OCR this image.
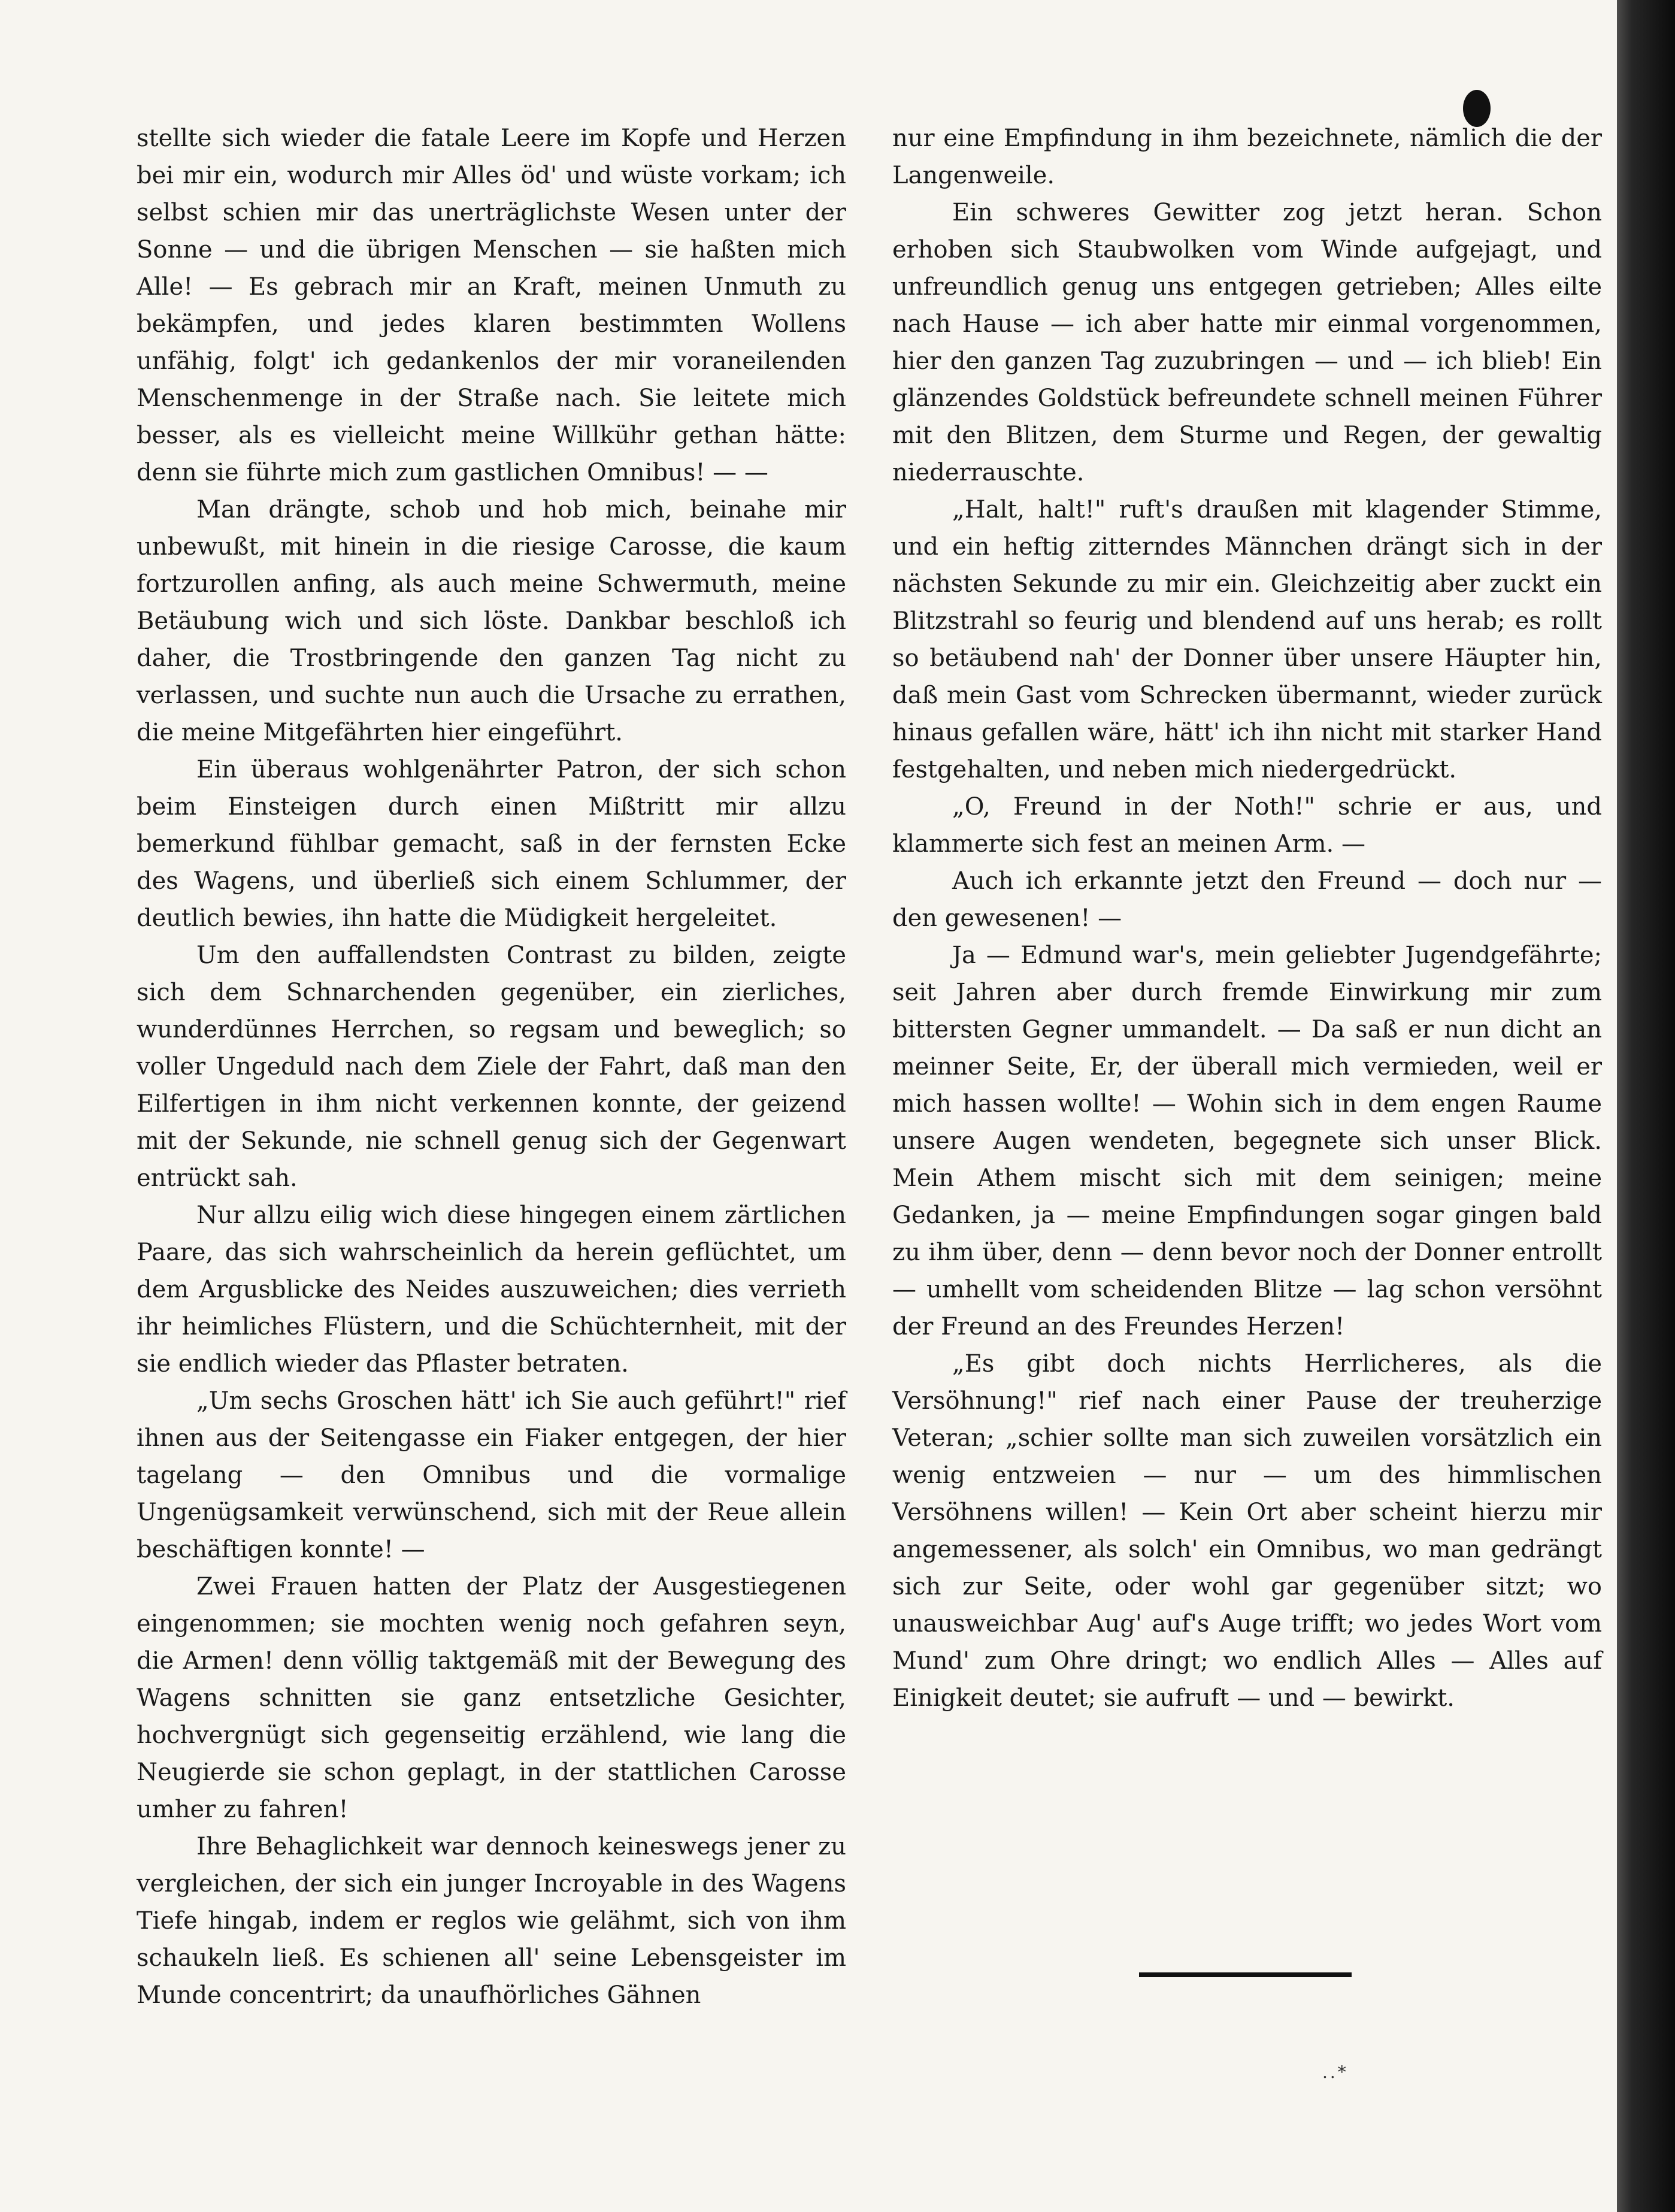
stellte sich wieder die fatale Leere im Kopfe und Herzen bei mir ein, wodurch mir Alles öd' und wüste vorkam; ich selbst schien mir das unerträglichste Wesen unter der Sonne — und die übrigen Menschen — sie haßten mich Alle! — Es gebrach mir an Kraft, meinen Unmuth zu bekämpfen, und jedes klaren bestimmten Wollens unfähig, folgt' ich gedankenlos der mir voraneilenden Menschenmenge in der Straße nach. Sie leitete mich besser, als es vielleicht meine Willkühr gethan hätte: denn sie führte mich zum gastlichen Omnibus! — —

Man drängte, schob und hob mich, beinahe mir unbewußt, mit hinein in die riesige Carosse, die kaum fortzurollen anfing, als auch meine Schwermuth, meine Betäubung wich und sich löste. Dankbar beschloß ich daher, die Trostbringende den ganzen Tag nicht zu verlassen, und suchte nun auch die Ursache zu errathen, die meine Mitgefährten hier eingeführt.

Ein überaus wohlgenährter Patron, der sich schon beim Einsteigen durch einen Mißtritt mir allzu bemerkund fühlbar gemacht, saß in der fernsten Ecke des Wagens, und überließ sich einem Schlummer, der deutlich bewies, ihn hatte die Müdigkeit hergeleitet.

Um den auffallendsten Contrast zu bilden, zeigte sich dem Schnarchenden gegenüber, ein zierliches, wunderdünnes Herrchen, so regsam und beweglich; so voller Ungeduld nach dem Ziele der Fahrt, daß man den Eilfertigen in ihm nicht verkennen konnte, der geizend mit der Sekunde, nie schnell genug sich der Gegenwart entrückt sah.

Nur allzu eilig wich diese hingegen einem zärtlichen Paare, das sich wahrscheinlich da herein geflüchtet, um dem Argusblicke des Neides auszuweichen; dies verrieth ihr heimliches Flüstern, und die Schüchternheit, mit der sie endlich wieder das Pflaster betraten.

„Um sechs Groschen hätt' ich Sie auch geführt!" rief ihnen aus der Seitengasse ein Fiaker entgegen, der hier tagelang — den Omnibus und die vormalige Ungenügsamkeit verwünschend, sich mit der Reue allein beschäftigen konnte! —

Zwei Frauen hatten der Platz der Ausgestiegenen eingenommen; sie mochten wenig noch gefahren seyn, die Armen! denn völlig taktgemäß mit der Bewegung des Wagens schnitten sie ganz entsetzliche Gesichter, hochvergnügt sich gegenseitig erzählend, wie lang die Neugierde sie schon geplagt, in der stattlichen Carosse umher zu fahren!

Ihre Behaglichkeit war dennoch keineswegs jener zu vergleichen, der sich ein junger Incroyable in des Wagens Tiefe hingab, indem er reglos wie gelähmt, sich von ihm schaukeln ließ. Es schienen all' seine Lebensgeister im Munde concentrirt; da unaufhörliches Gähnen

nur eine Empfindung in ihm bezeichnete, nämlich die der Langenweile.

Ein schweres Gewitter zog jetzt heran. Schon erhoben sich Staubwolken vom Winde aufgejagt, und unfreundlich genug uns entgegen getrieben; Alles eilte nach Hause — ich aber hatte mir einmal vorgenommen, hier den ganzen Tag zuzubringen — und — ich blieb! Ein glänzendes Goldstück befreundete schnell meinen Führer mit den Blitzen, dem Sturme und Regen, der gewaltig niederrauschte.

„Halt, halt!" ruft's draußen mit klagender Stimme, und ein heftig zitterndes Männchen drängt sich in der nächsten Sekunde zu mir ein. Gleichzeitig aber zuckt ein Blitzstrahl so feurig und blendend auf uns herab; es rollt so betäubend nah' der Donner über unsere Häupter hin, daß mein Gast vom Schrecken übermannt, wieder zurück hinaus gefallen wäre, hätt' ich ihn nicht mit starker Hand festgehalten, und neben mich niedergedrückt.

„O, Freund in der Noth!" schrie er aus, und klammerte sich fest an meinen Arm. —

Auch ich erkannte jetzt den Freund — doch nur — den gewesenen! —

Ja — Edmund war's, mein geliebter Jugendgefährte; seit Jahren aber durch fremde Einwirkung mir zum bittersten Gegner ummandelt. — Da saß er nun dicht an meinner Seite, Er, der überall mich vermieden, weil er mich hassen wollte! — Wohin sich in dem engen Raume unsere Augen wendeten, begegnete sich unser Blick. Mein Athem mischt sich mit dem seinigen; meine Gedanken, ja — meine Empfindungen sogar gingen bald zu ihm über, denn — denn bevor noch der Donner entrollt — umhellt vom scheidenden Blitze — lag schon versöhnt der Freund an des Freundes Herzen!

„Es gibt doch nichts Herrlicheres, als die Versöhnung!" rief nach einer Pause der treuherzige Veteran; „schier sollte man sich zuweilen vorsätzlich ein wenig entzweien — nur — um des himmlischen Versöhnens willen! — Kein Ort aber scheint hierzu mir angemessener, als solch' ein Omnibus, wo man gedrängt sich zur Seite, oder wohl gar gegenüber sitzt; wo unausweichbar Aug' auf's Auge trifft; wo jedes Wort vom Mund' zum Ohre dringt; wo endlich Alles — Alles auf Einigkeit deutet; sie aufruft — und — bewirkt.

..*
